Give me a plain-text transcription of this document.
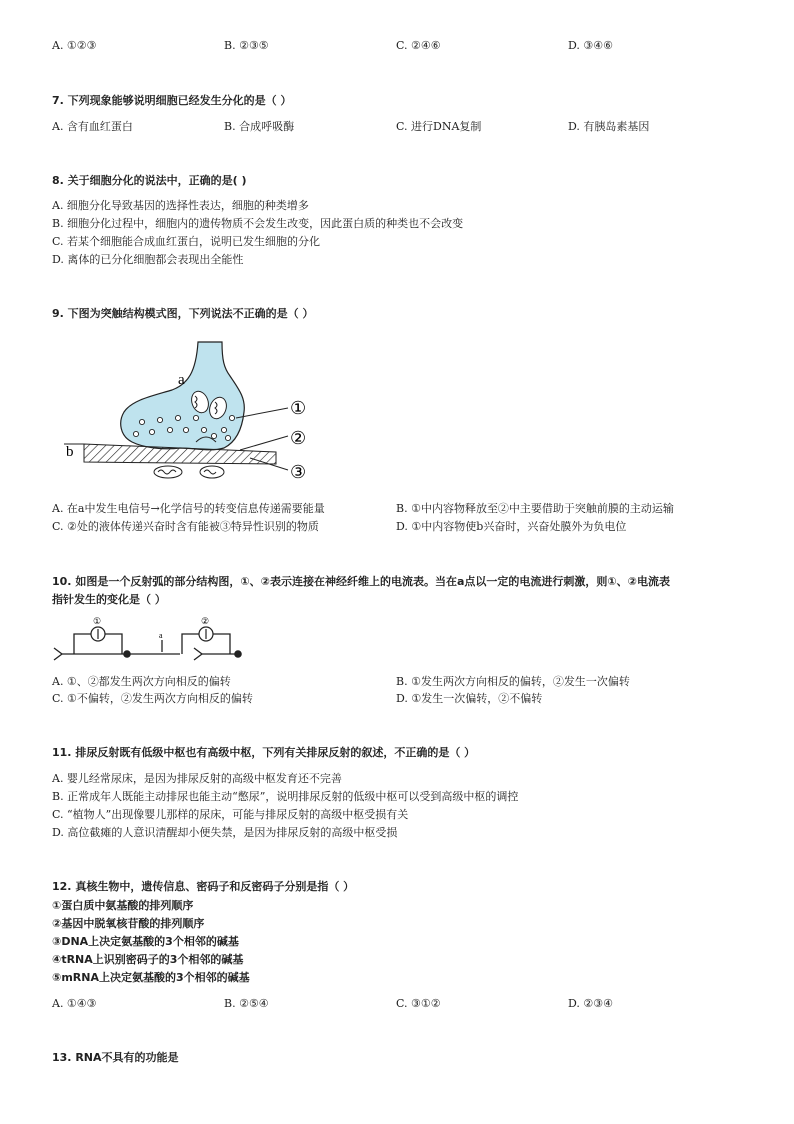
A. ①②③	B. ②③⑤	C. ②④⑥	D. ③④⑥
7. 下列现象能够说明细胞已经发生分化的是（ ）
A. 含有血红蛋白	B. 合成呼吸酶	C. 进行DNA复制	D. 有胰岛素基因
8. 关于细胞分化的说法中，正确的是( )
A. 细胞分化导致基因的选择性表达，细胞的种类增多
B. 细胞分化过程中，细胞内的遗传物质不会发生改变，因此蛋白质的种类也不会改变
C. 若某个细胞能合成血红蛋白，说明已发生细胞的分化
D. 离体的已分化细胞都会表现出全能性
9. 下图为突触结构模式图，下列说法不正确的是（ ）
a
b
①
②
③
A. 在a中发生电信号→化学信号的转变信息传递需要能量	B. ①中内容物释放至②中主要借助于突触前膜的主动运输
C. ②处的液体传递兴奋时含有能被③特异性识别的物质	D. ①中内容物使b兴奋时，兴奋处膜外为负电位
10. 如图是一个反射弧的部分结构图，①、②表示连接在神经纤维上的电流表。当在a点以一定的电流进行刺激，则①、②电流表
指针发生的变化是（ ）
①	②
a
A. ①、②都发生两次方向相反的偏转	B. ①发生两次方向相反的偏转，②发生一次偏转
C. ①不偏转，②发生两次方向相反的偏转	D. ①发生一次偏转，②不偏转
11. 排尿反射既有低级中枢也有高级中枢，下列有关排尿反射的叙述，不正确的是（ ）
A. 婴儿经常尿床，是因为排尿反射的高级中枢发育还不完善
B. 正常成年人既能主动排尿也能主动“憋尿”，说明排尿反射的低级中枢可以受到高级中枢的调控
C. “植物人”出现像婴儿那样的尿床，可能与排尿反射的高级中枢受损有关
D. 高位截瘫的人意识清醒却小便失禁，是因为排尿反射的高级中枢受损
12. 真核生物中，遗传信息、密码子和反密码子分别是指（ ）
①蛋白质中氨基酸的排列顺序
②基因中脱氧核苷酸的排列顺序
③DNA上决定氨基酸的3个相邻的碱基
④tRNA上识别密码子的3个相邻的碱基
⑤mRNA上决定氨基酸的3个相邻的碱基
A. ①④③	B. ②⑤④	C. ③①②	D. ②③④
13. RNA不具有的功能是
